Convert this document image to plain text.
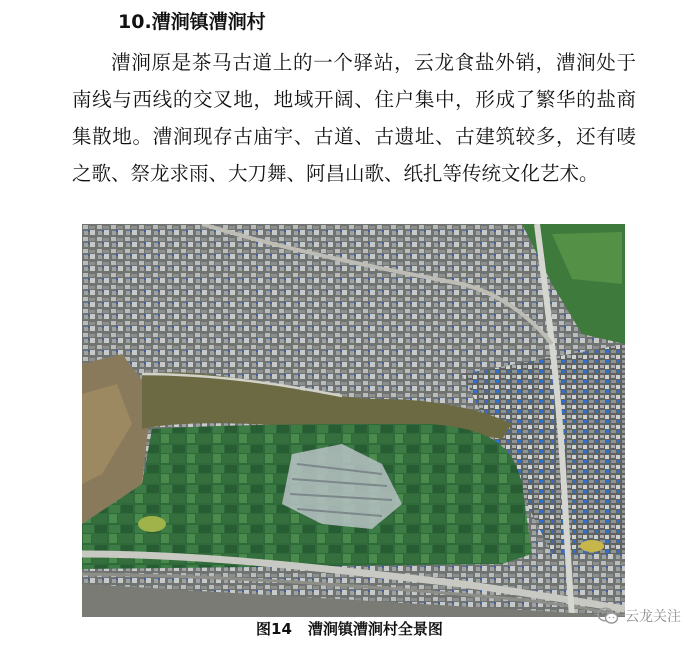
10.漕涧镇漕涧村
漕涧原是茶马古道上的一个驿站，云龙食盐外销，漕涧处于南线与西线的交叉地，地域开阔、住户集中，形成了繁华的盐商集散地。漕涧现存古庙宇、古道、古遗址、古建筑较多，还有唛之歌、祭龙求雨、大刀舞、阿昌山歌、纸扎等传统文化艺术。
图14 漕涧镇漕涧村全景图
云龙关注
